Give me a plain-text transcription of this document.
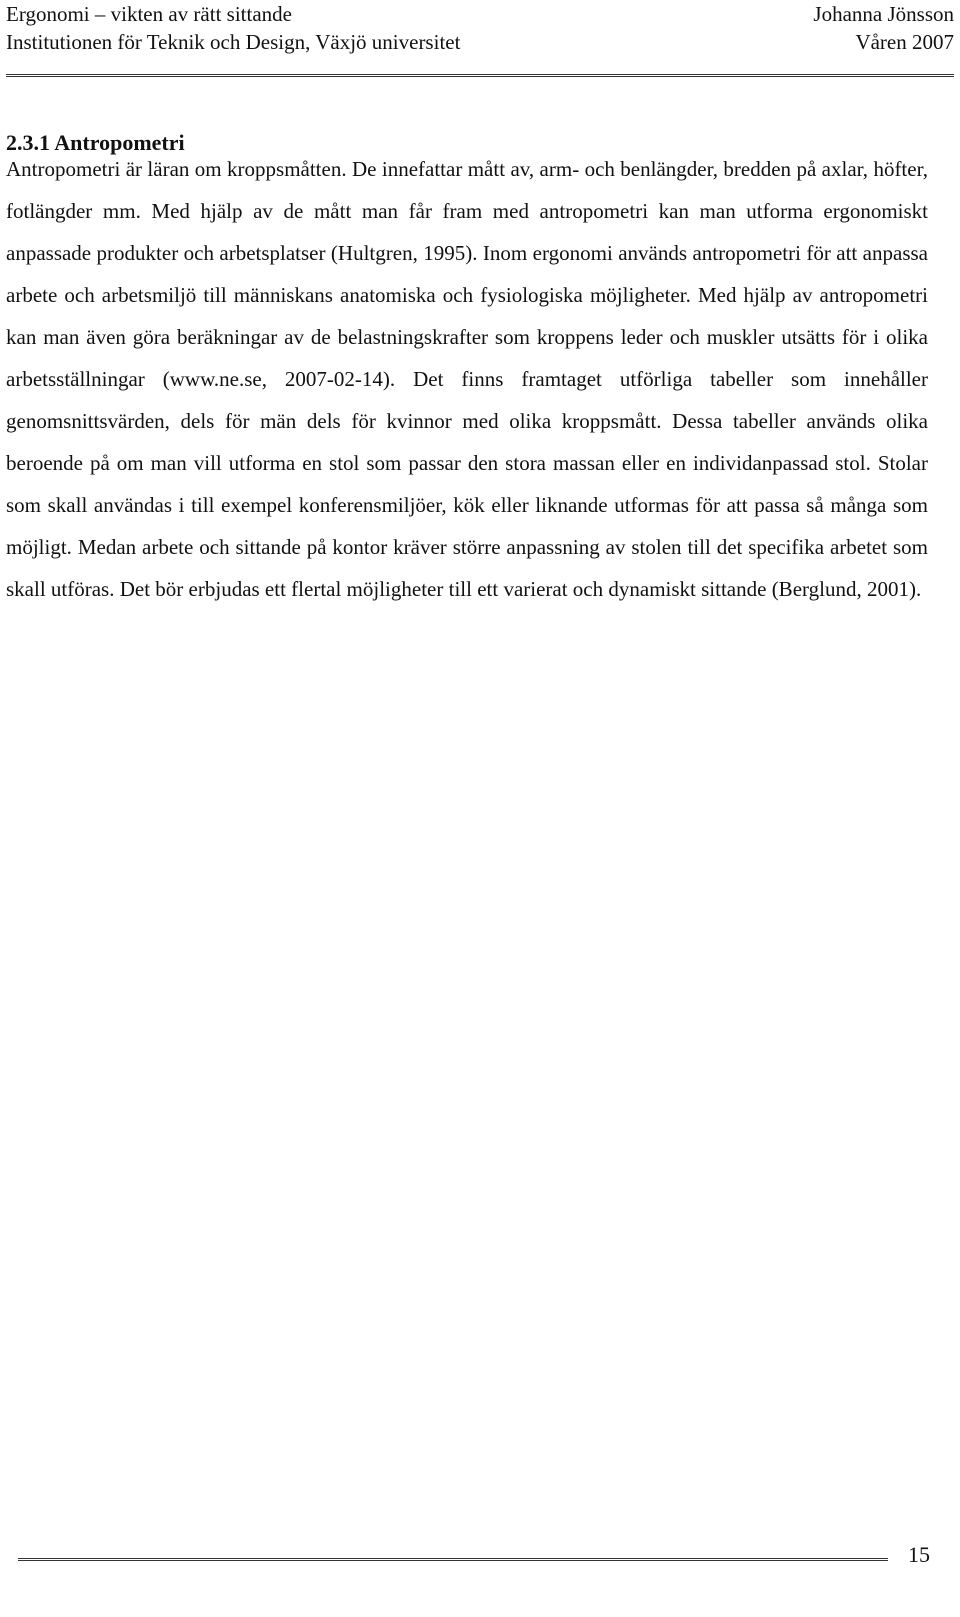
Ergonomi – vikten av rätt sittande	Johanna Jönsson
Institutionen för Teknik och Design, Växjö universitet	Våren 2007
2.3.1 Antropometri

Antropometri är läran om kroppsmåtten. De innefattar mått av, arm- och benlängder, bredden på axlar, höfter, fotlängder mm. Med hjälp av de mått man får fram med antropometri kan man utforma ergonomiskt anpassade produkter och arbetsplatser (Hultgren, 1995). Inom ergonomi används antropometri för att anpassa arbete och arbetsmiljö till människans anatomiska och fysiologiska möjligheter. Med hjälp av antropometri kan man även göra beräkningar av de belastningskrafter som kroppens leder och muskler utsätts för i olika arbetsställningar (www.ne.se, 2007-02-14). Det finns framtaget utförliga tabeller som innehåller genomsnittsvärden, dels för män dels för kvinnor med olika kroppsmått. Dessa tabeller används olika beroende på om man vill utforma en stol som passar den stora massan eller en individanpassad stol. Stolar som skall användas i till exempel konferensmiljöer, kök eller liknande utformas för att passa så många som möjligt. Medan arbete och sittande på kontor kräver större anpassning av stolen till det specifika arbetet som skall utföras. Det bör erbjudas ett flertal möjligheter till ett varierat och dynamiskt sittande (Berglund, 2001).

15
